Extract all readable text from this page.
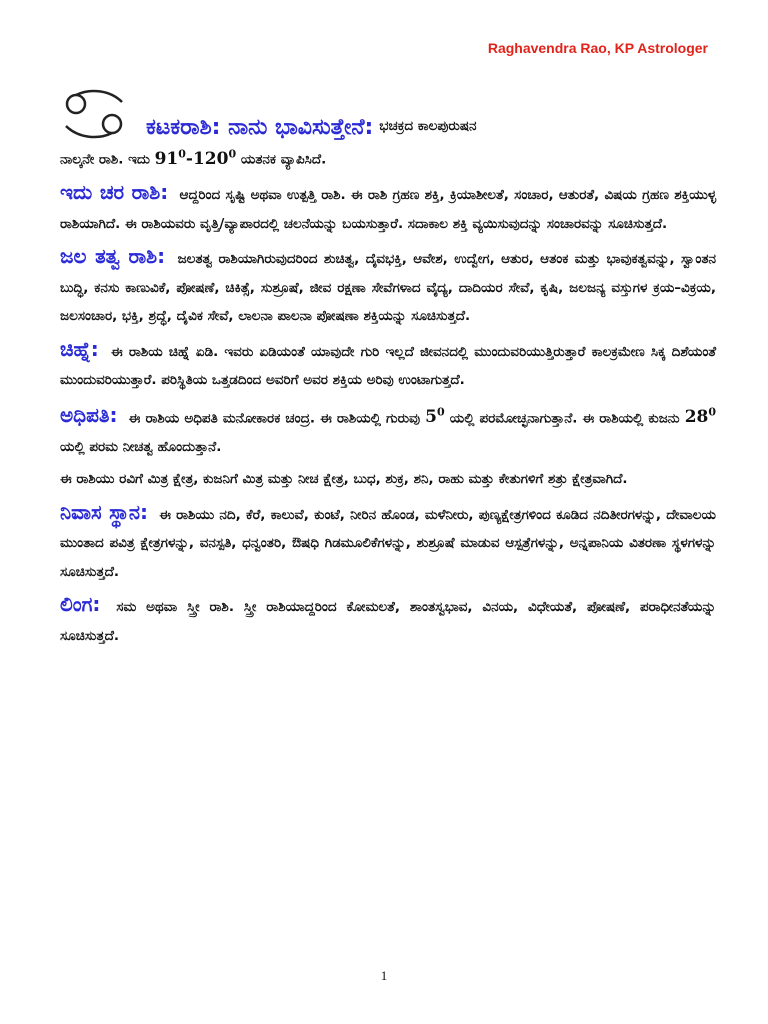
Raghavendra Rao, KP Astrologer
ಕಟಕರಾಶಿ: ನಾನು ಭಾವಿಸುತ್ತೇನೆ: ಭಚಕ್ರದ ಕಾಲಪುರುಷನ

ನಾಲ್ಕನೇ ರಾಶಿ. ಇದು $91^0-120^0$ ಯತನಕ ವ್ಯಾಪಿಸಿದೆ.

ಇದು ಚರ ರಾಶಿ: ಆದ್ದರಿಂದ ಸೃಷ್ಟಿ ಅಥವಾ ಉತ್ಪತ್ತಿ ರಾಶಿ. ಈ ರಾಶಿ ಗ್ರಹಣ ಶಕ್ತಿ, ಕ್ರಿಯಾಶೀಲತೆ, ಸಂಚಾರ, ಆತುರತೆ, ವಿಷಯ ಗ್ರಹಣ ಶಕ್ತಿಯುಳ್ಳ ರಾಶಿಯಾಗಿದೆ. ಈ ರಾಶಿಯವರು ವೃತ್ತಿ/ವ್ಯಾಪಾರದಲ್ಲಿ ಚಲನೆಯನ್ನು ಬಯಸುತ್ತಾರೆ. ಸದಾಕಾಲ ಶಕ್ತಿ ವ್ಯಯಿಸುವುದನ್ನು ಸಂಚಾರವನ್ನು ಸೂಚಿಸುತ್ತದೆ.

ಜಲ ತತ್ವ ರಾಶಿ: ಜಲತತ್ವ ರಾಶಿಯಾಗಿರುವುದರಿಂದ ಶುಚಿತ್ವ, ದೈವಭಕ್ತಿ, ಆವೇಶ, ಉದ್ವೇಗ, ಆತುರ, ಆತಂಕ ಮತ್ತು ಭಾವುಕತ್ವವನ್ನು, ಸ್ವಾಂತನ ಬುದ್ಧಿ, ಕನಸು ಕಾಣುವಿಕೆ, ಪೋಷಣೆ, ಚಿಕಿತ್ಸೆ, ಸುಶ್ರೂಷೆ, ಜೀವ ರಕ್ಷಣಾ ಸೇವೆಗಳಾದ ವೈದ್ಯ, ದಾದಿಯರ ಸೇವೆ, ಕೃಷಿ, ಜಲಜನ್ಯ ವಸ್ತುಗಳ ಕ್ರಯ–ವಿಕ್ರಯ, ಜಲಸಂಚಾರ, ಭಕ್ತಿ, ಶ್ರದ್ಧೆ, ದೈವಿಕ ಸೇವೆ, ಲಾಲನಾ ಪಾಲನಾ ಪೋಷಣಾ ಶಕ್ತಿಯನ್ನು ಸೂಚಿಸುತ್ತದೆ.

ಚಿಹ್ನೆ: ಈ ರಾಶಿಯ ಚಿಹ್ನೆ ಏಡಿ. ಇವರು ಏಡಿಯಂತೆ ಯಾವುದೇ ಗುರಿ ಇಲ್ಲದೆ ಜೀವನದಲ್ಲಿ ಮುಂದುವರಿಯುತ್ತಿರುತ್ತಾರೆ ಕಾಲಕ್ರಮೇಣ ಸಿಕ್ಕ ದಿಶೆಯಂತೆ ಮುಂದುವರಿಯುತ್ತಾರೆ. ಪರಿಸ್ಥಿತಿಯ ಒತ್ತಡದಿಂದ ಅವರಿಗೆ ಅವರ ಶಕ್ತಿಯ ಅರಿವು ಉಂಟಾಗುತ್ತದೆ.

ಅಧಿಪತಿ: ಈ ರಾಶಿಯ ಅಧಿಪತಿ ಮನೋಕಾರಕ ಚಂದ್ರ. ಈ ರಾಶಿಯಲ್ಲಿ ಗುರುವು $5^0$ ಯಲ್ಲಿ ಪರಮೋಚ್ಛನಾಗುತ್ತಾನೆ. ಈ ರಾಶಿಯಲ್ಲಿ ಕುಜನು $28^0$ ಯಲ್ಲಿ ಪರಮ ನೀಚತ್ವ ಹೊಂದುತ್ತಾನೆ.

ಈ ರಾಶಿಯು ರವಿಗೆ ಮಿತ್ರ ಕ್ಷೇತ್ರ, ಕುಜನಿಗೆ ಮಿತ್ರ ಮತ್ತು ನೀಚ ಕ್ಷೇತ್ರ, ಬುಧ, ಶುಕ್ರ, ಶನಿ, ರಾಹು ಮತ್ತು ಕೇತುಗಳಿಗೆ ಶತ್ರು ಕ್ಷೇತ್ರವಾಗಿದೆ.

ನಿವಾಸ ಸ್ಥಾನ: ಈ ರಾಶಿಯು ನದಿ, ಕೆರೆ, ಕಾಲುವೆ, ಕುಂಟೆ, ನೀರಿನ ಹೊಂಡ, ಮಳೆನೀರು, ಪುಣ್ಯಕ್ಷೇತ್ರಗಳಿಂದ ಕೂಡಿದ ನದಿತೀರಗಳನ್ನು, ದೇವಾಲಯ ಮುಂತಾದ ಪವಿತ್ರ ಕ್ಷೇತ್ರಗಳನ್ನು, ವನಸ್ಪತಿ, ಧನ್ವಂತರಿ, ಔಷಧಿ ಗಿಡಮೂಲಿಕೆಗಳನ್ನು, ಶುಶ್ರೂಷೆ ಮಾಡುವ ಆಸ್ಪತ್ರೆಗಳನ್ನು, ಅನ್ನಪಾನಿಯ ವಿತರಣಾ ಸ್ಥಳಗಳನ್ನು ಸೂಚಿಸುತ್ತದೆ.

ಲಿಂಗ: ಸಮ ಅಥವಾ ಸ್ತ್ರೀ ರಾಶಿ. ಸ್ತ್ರೀ ರಾಶಿಯಾದ್ದರಿಂದ ಕೋಮಲತೆ, ಶಾಂತಸ್ವಭಾವ, ವಿನಯ, ವಿಧೇಯತೆ, ಪೋಷಣೆ, ಪರಾಧೀನತೆಯನ್ನು ಸೂಚಿಸುತ್ತದೆ.

1
